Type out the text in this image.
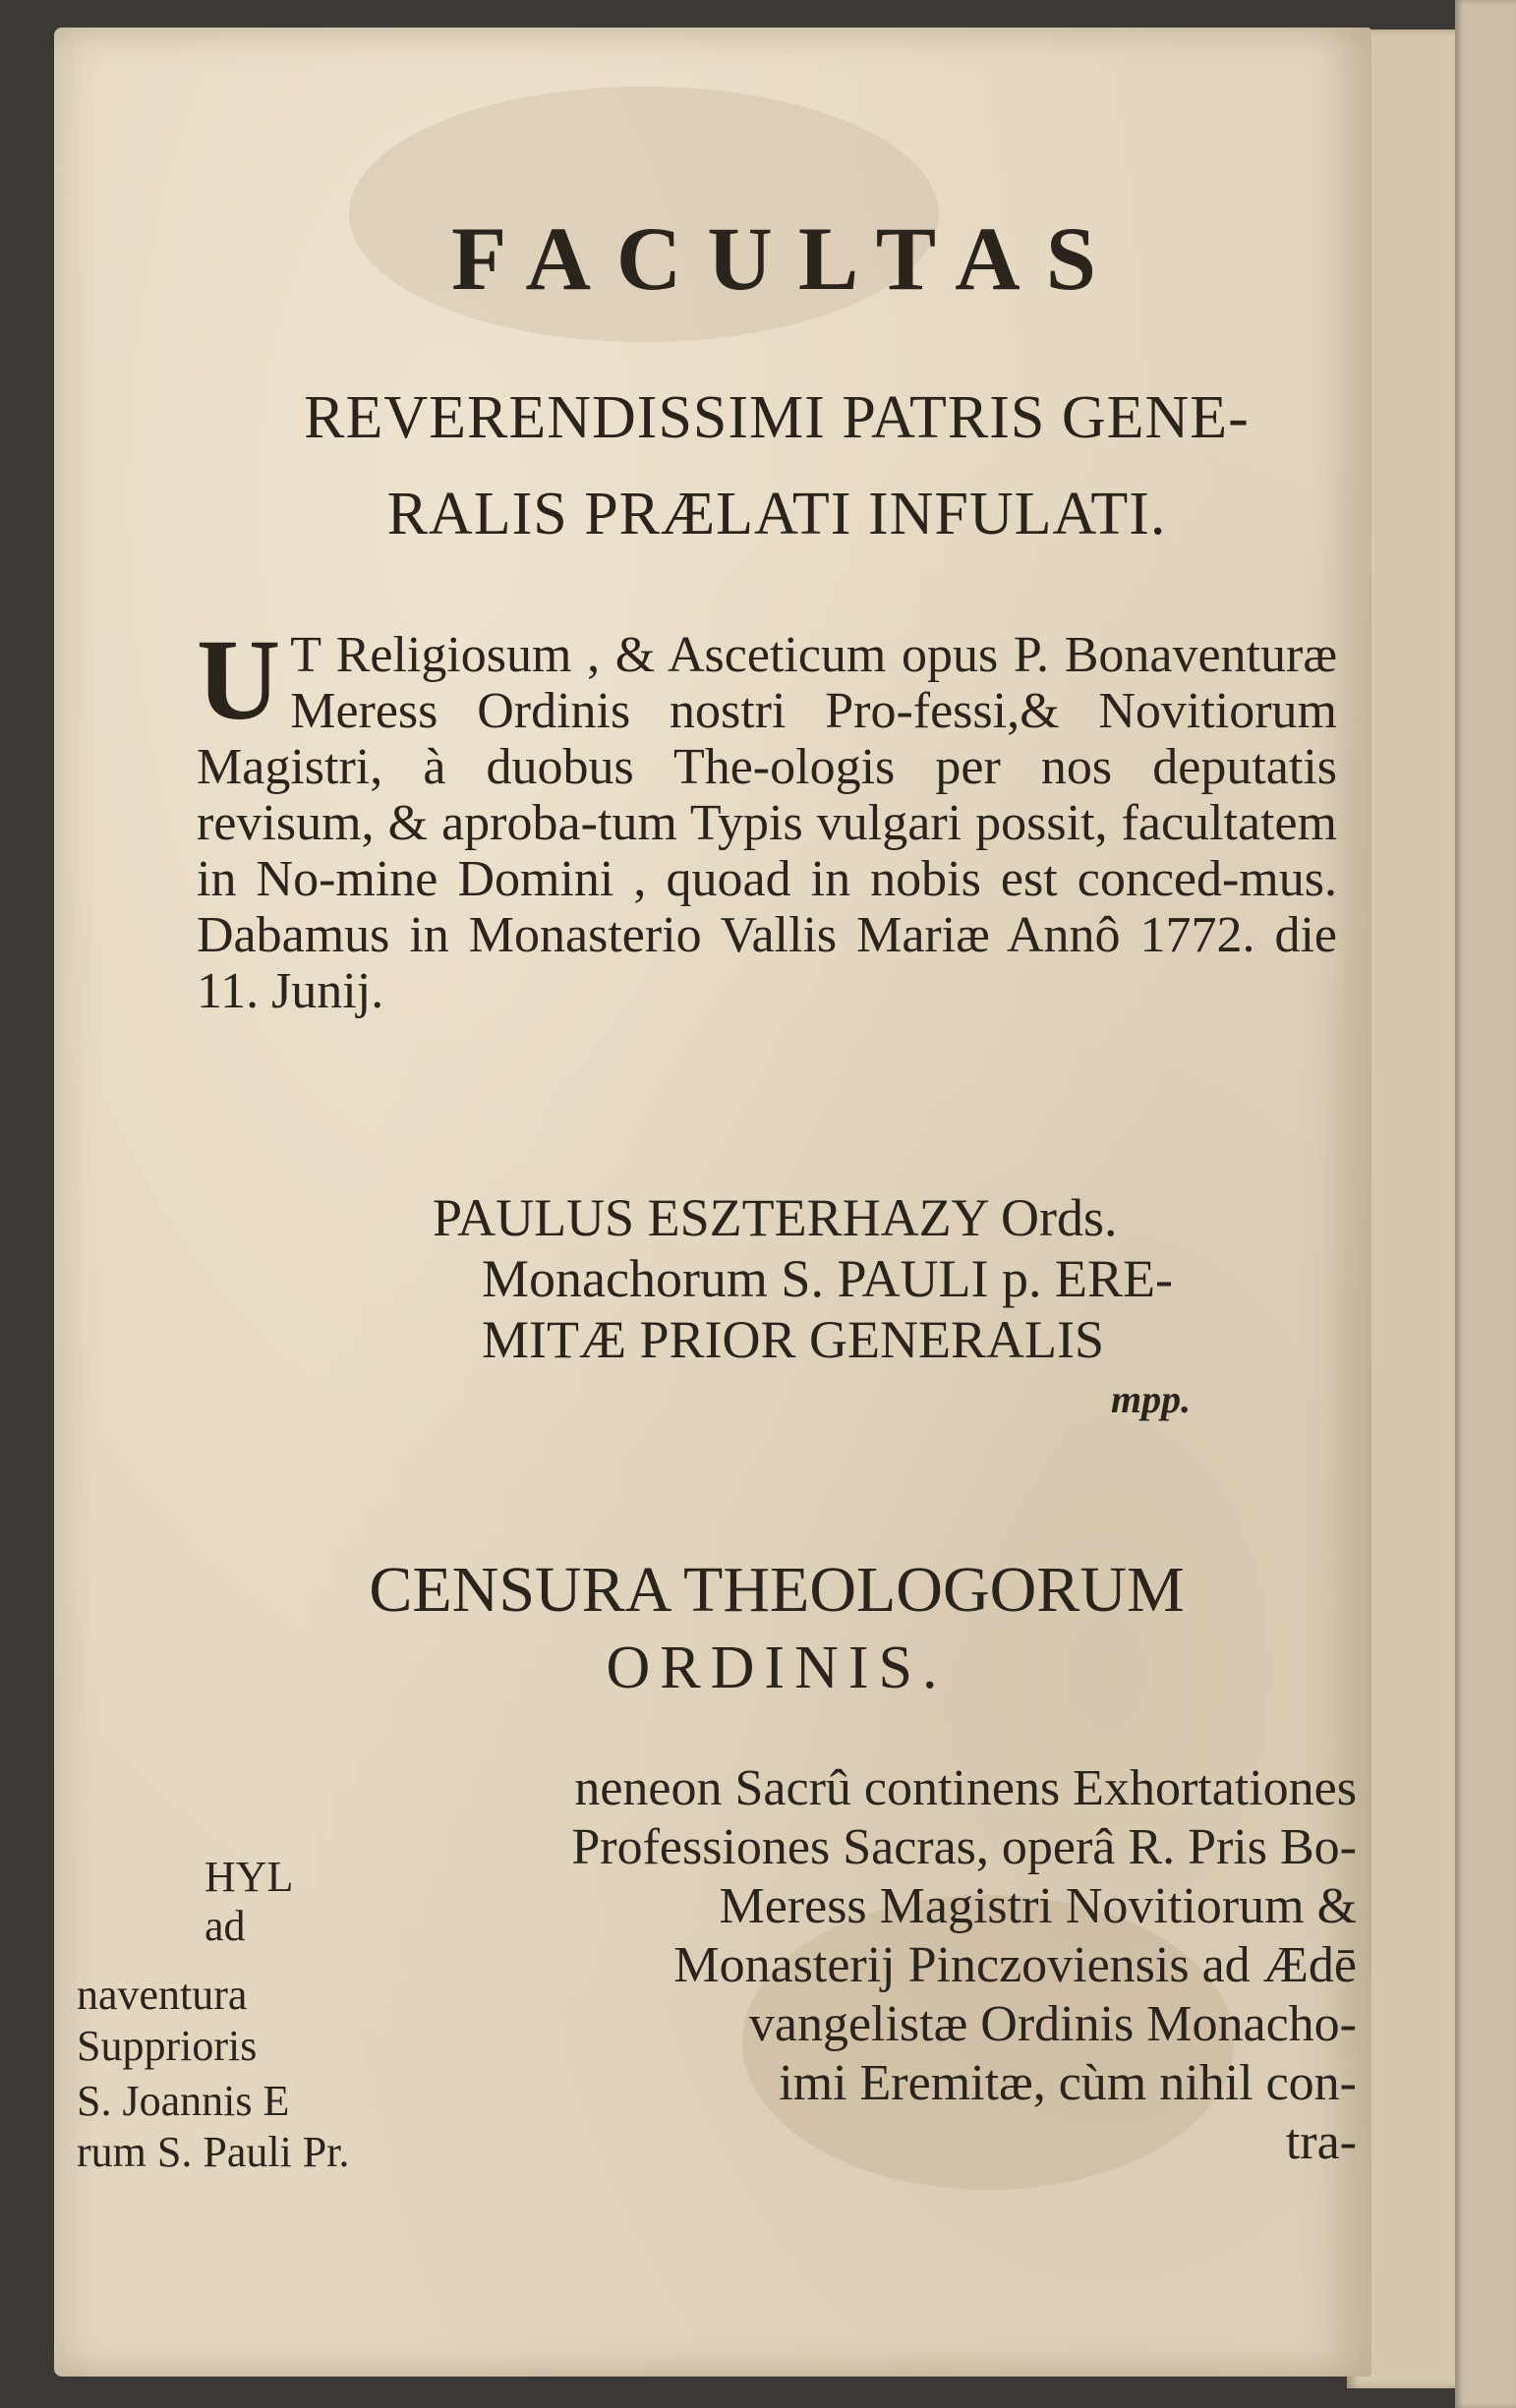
FACULTAS
REVERENDISSIMI PATRIS GENE-
RALIS PRÆLATI INFULATI.
U T Religiosum , & Asceticum opus P. Bonaventuræ Meress Ordinis nostri Pro-fessi,& Novitiorum Magistri, à duobus The-ologis per nos deputatis revisum, & aproba-tum Typis vulgari possit, facultatem in No-mine Domini , quoad in nobis est conced-mus. Dabamus in Monasterio Vallis Mariæ Annô 1772. die 11. Junij.
PAULUS ESZTERHAZY Ords.
Monachorum S. PAULI p. ERE-
MITÆ PRIOR GENERALIS
mpp.
CENSURA THEOLOGORUM
ORDINIS.
neneon Sacrû continens Exhortationes
Professiones Sacras, operâ R. Pris Bo-
Meress Magistri Novitiorum &
Monasterij Pinczoviensis ad Ædē
vangelistæ Ordinis Monacho-
imi Eremitæ, cùm nihil con-
tra-
HYL
ad
naventura
Supprioris
S. Joannis E
rum S. Pauli Pr.
